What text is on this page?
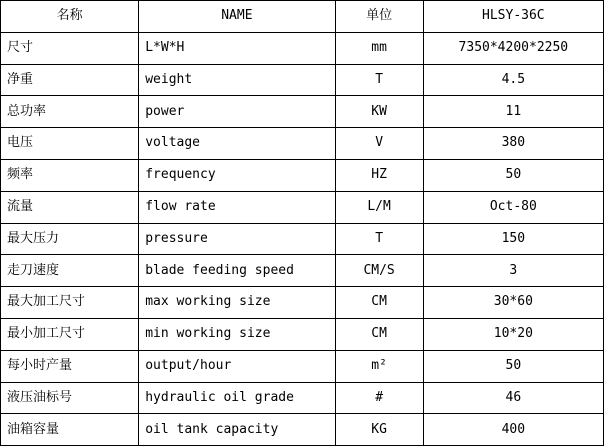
名称	NAME	单位	HLSY-36C
尺寸	L*W*H	mm	7350*4200*2250
净重	weight	T	4.5
总功率	power	KW	11
电压	voltage	V	380
频率	frequency	HZ	50
流量	flow rate	L/M	Oct-80
最大压力	pressure	T	150
走刀速度	blade feeding speed	CM/S	3
最大加工尺寸	max working size	CM	30*60
最小加工尺寸	min working size	CM	10*20
每小时产量	output/hour	m²	50
液压油标号	hydraulic oil grade	#	46
油箱容量	oil tank capacity	KG	400
